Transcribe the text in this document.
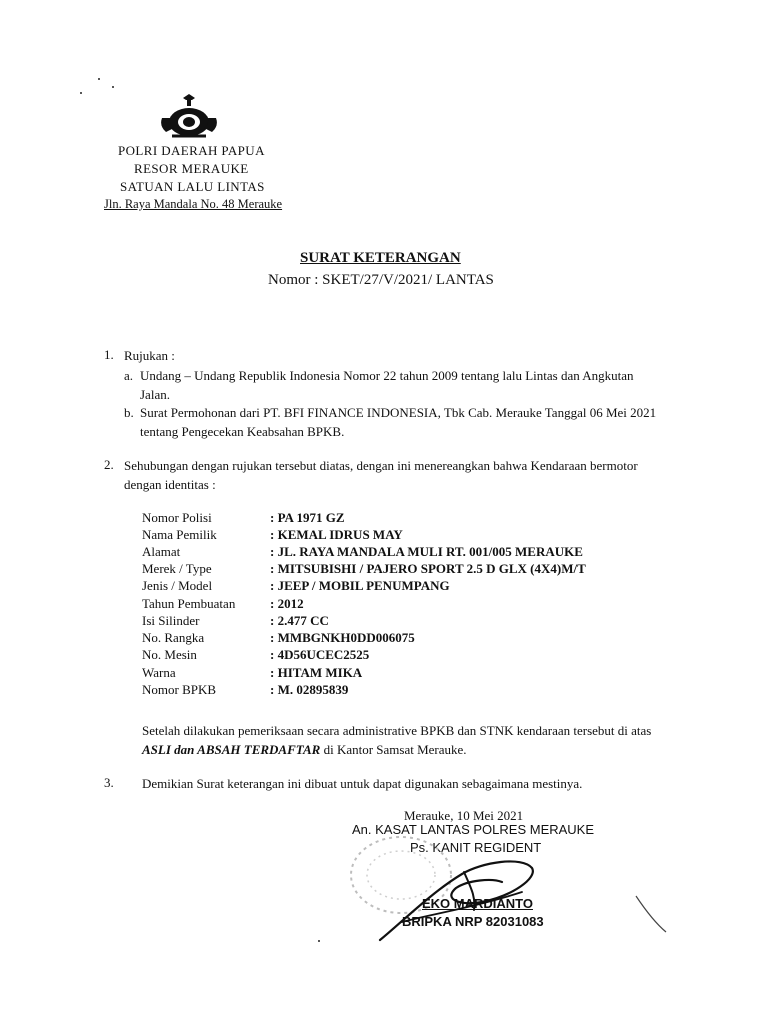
POLRI DAERAH PAPUA
RESOR MERAUKE
SATUAN LALU LINTAS
Jln. Raya Mandala No. 48 Merauke
SURAT KETERANGAN
Nomor : SKET/27/V/2021/ LANTAS
1. Rujukan :
a. Undang – Undang Republik Indonesia Nomor 22 tahun 2009 tentang lalu Lintas dan Angkutan
Jalan.
b. Surat Permohonan dari PT. BFI FINANCE INDONESIA, Tbk Cab. Merauke Tanggal 06 Mei 2021
tentang Pengecekan Keabsahan BPKB.
2. Sehubungan dengan rujukan tersebut diatas, dengan ini menereangkan bahwa Kendaraan bermotor
dengan identitas :
Nomor Polisi	: PA 1971 GZ
Nama Pemilik	: KEMAL IDRUS MAY
Alamat	: JL. RAYA MANDALA MULI RT. 001/005 MERAUKE
Merek / Type	: MITSUBISHI / PAJERO SPORT 2.5 D GLX (4X4)M/T
Jenis / Model	: JEEP / MOBIL PENUMPANG
Tahun Pembuatan	: 2012
Isi Silinder	: 2.477 CC
No. Rangka	: MMBGNKH0DD006075
No. Mesin	: 4D56UCEC2525
Warna	: HITAM MIKA
Nomor BPKB	: M. 02895839
Setelah dilakukan pemeriksaan secara administrative BPKB dan STNK kendaraan tersebut di atas
ASLI dan ABSAH TERDAFTAR di Kantor Samsat Merauke.
3. Demikian Surat keterangan ini dibuat untuk dapat digunakan sebagaimana mestinya.
Merauke, 10 Mei 2021
An. KASAT LANTAS POLRES MERAUKE
Ps. KANIT REGIDENT
EKO MARDIANTO
BRIPKA NRP 82031083
